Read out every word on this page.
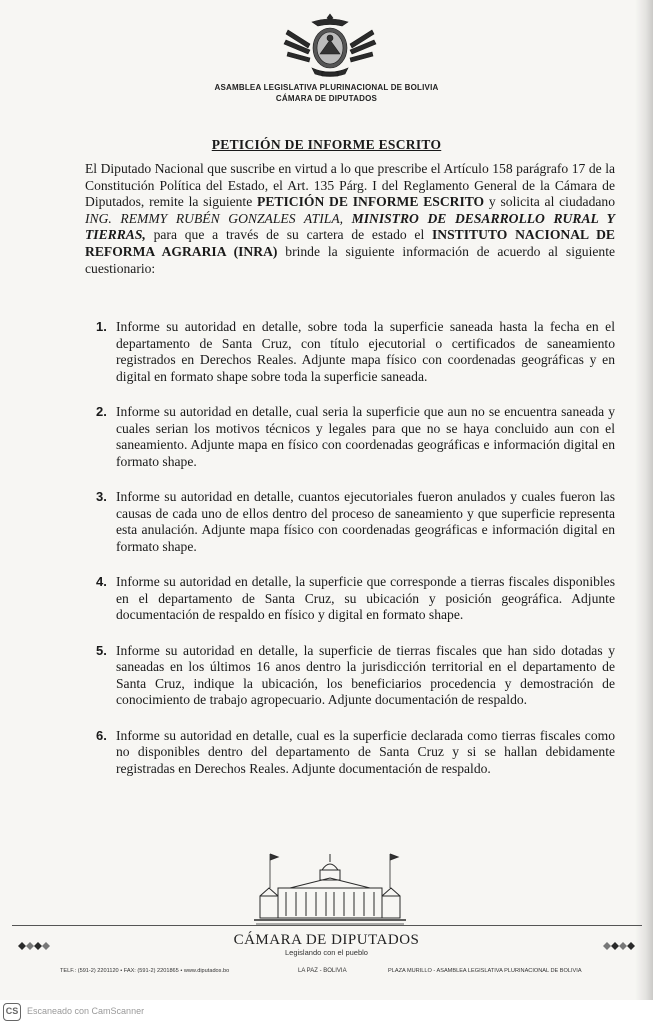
ASAMBLEA LEGISLATIVA PLURINACIONAL DE BOLIVIA
CÁMARA DE DIPUTADOS
PETICIÓN DE INFORME ESCRITO
El Diputado Nacional que suscribe en virtud a lo que prescribe el Artículo 158 parágrafo 17 de la Constitución Política del Estado, el Art. 135 Párg. I del Reglamento General de la Cámara de Diputados, remite la siguiente PETICIÓN DE INFORME ESCRITO y solicita al ciudadano ING. REMMY RUBÉN GONZALES ATILA, MINISTRO DE DESARROLLO RURAL Y TIERRAS, para que a través de su cartera de estado el INSTITUTO NACIONAL DE REFORMA AGRARIA (INRA) brinde la siguiente información de acuerdo al siguiente cuestionario:
1. Informe su autoridad en detalle, sobre toda la superficie saneada hasta la fecha en el departamento de Santa Cruz, con título ejecutorial o certificados de saneamiento registrados en Derechos Reales. Adjunte mapa físico con coordenadas geográficas y en digital en formato shape sobre toda la superficie saneada.
2. Informe su autoridad en detalle, cual seria la superficie que aun no se encuentra saneada y cuales serian los motivos técnicos y legales para que no se haya concluido aun con el saneamiento. Adjunte mapa en físico con coordenadas geográficas e información digital en formato shape.
3. Informe su autoridad en detalle, cuantos ejecutoriales fueron anulados y cuales fueron las causas de cada uno de ellos dentro del proceso de saneamiento y que superficie representa esta anulación. Adjunte mapa físico con coordenadas geográficas e información digital en formato shape.
4. Informe su autoridad en detalle, la superficie que corresponde a tierras fiscales disponibles en el departamento de Santa Cruz, su ubicación y posición geográfica. Adjunte documentación de respaldo en físico y digital en formato shape.
5. Informe su autoridad en detalle, la superficie de tierras fiscales que han sido dotadas y saneadas en los últimos 16 anos dentro la jurisdicción territorial en el departamento de Santa Cruz, indique la ubicación, los beneficiarios procedencia y demostración de conocimiento de trabajo agropecuario. Adjunte documentación de respaldo.
6. Informe su autoridad en detalle, cual es la superficie declarada como tierras fiscales como no disponibles dentro del departamento de Santa Cruz y si se hallan debidamente registradas en Derechos Reales. Adjunte documentación de respaldo.
CÁMARA DE DIPUTADOS
Legislando con el pueblo
TELF.: (591-2) 2201120 • FAX: (591-2) 2201865 • www.diputados.bo	LA PAZ - BOLIVIA	PLAZA MURILLO - ASAMBLEA LEGISLATIVA PLURINACIONAL DE BOLIVIA
CS Escaneado con CamScanner
